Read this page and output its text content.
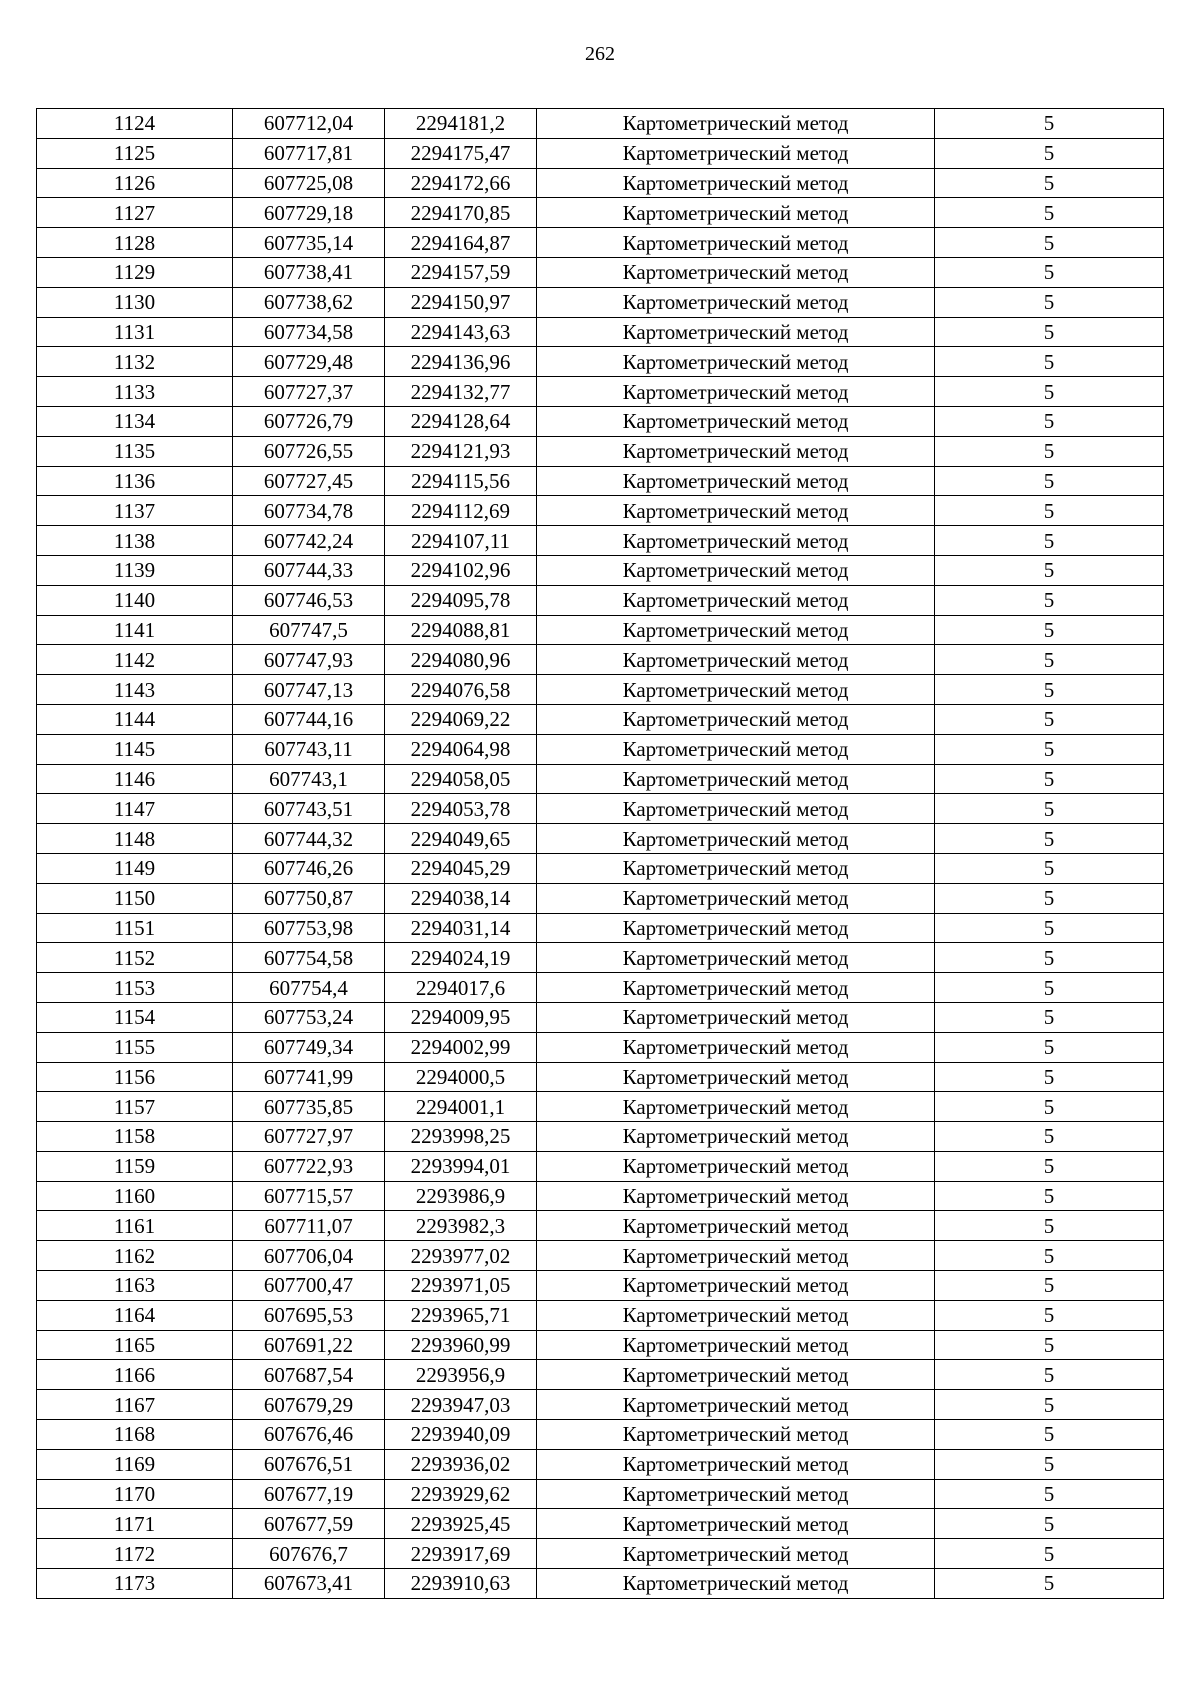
262
1124	607712,04	2294181,2	Картометрический метод	5
1125	607717,81	2294175,47	Картометрический метод	5
1126	607725,08	2294172,66	Картометрический метод	5
1127	607729,18	2294170,85	Картометрический метод	5
1128	607735,14	2294164,87	Картометрический метод	5
1129	607738,41	2294157,59	Картометрический метод	5
1130	607738,62	2294150,97	Картометрический метод	5
1131	607734,58	2294143,63	Картометрический метод	5
1132	607729,48	2294136,96	Картометрический метод	5
1133	607727,37	2294132,77	Картометрический метод	5
1134	607726,79	2294128,64	Картометрический метод	5
1135	607726,55	2294121,93	Картометрический метод	5
1136	607727,45	2294115,56	Картометрический метод	5
1137	607734,78	2294112,69	Картометрический метод	5
1138	607742,24	2294107,11	Картометрический метод	5
1139	607744,33	2294102,96	Картометрический метод	5
1140	607746,53	2294095,78	Картометрический метод	5
1141	607747,5	2294088,81	Картометрический метод	5
1142	607747,93	2294080,96	Картометрический метод	5
1143	607747,13	2294076,58	Картометрический метод	5
1144	607744,16	2294069,22	Картометрический метод	5
1145	607743,11	2294064,98	Картометрический метод	5
1146	607743,1	2294058,05	Картометрический метод	5
1147	607743,51	2294053,78	Картометрический метод	5
1148	607744,32	2294049,65	Картометрический метод	5
1149	607746,26	2294045,29	Картометрический метод	5
1150	607750,87	2294038,14	Картометрический метод	5
1151	607753,98	2294031,14	Картометрический метод	5
1152	607754,58	2294024,19	Картометрический метод	5
1153	607754,4	2294017,6	Картометрический метод	5
1154	607753,24	2294009,95	Картометрический метод	5
1155	607749,34	2294002,99	Картометрический метод	5
1156	607741,99	2294000,5	Картометрический метод	5
1157	607735,85	2294001,1	Картометрический метод	5
1158	607727,97	2293998,25	Картометрический метод	5
1159	607722,93	2293994,01	Картометрический метод	5
1160	607715,57	2293986,9	Картометрический метод	5
1161	607711,07	2293982,3	Картометрический метод	5
1162	607706,04	2293977,02	Картометрический метод	5
1163	607700,47	2293971,05	Картометрический метод	5
1164	607695,53	2293965,71	Картометрический метод	5
1165	607691,22	2293960,99	Картометрический метод	5
1166	607687,54	2293956,9	Картометрический метод	5
1167	607679,29	2293947,03	Картометрический метод	5
1168	607676,46	2293940,09	Картометрический метод	5
1169	607676,51	2293936,02	Картометрический метод	5
1170	607677,19	2293929,62	Картометрический метод	5
1171	607677,59	2293925,45	Картометрический метод	5
1172	607676,7	2293917,69	Картометрический метод	5
1173	607673,41	2293910,63	Картометрический метод	5
